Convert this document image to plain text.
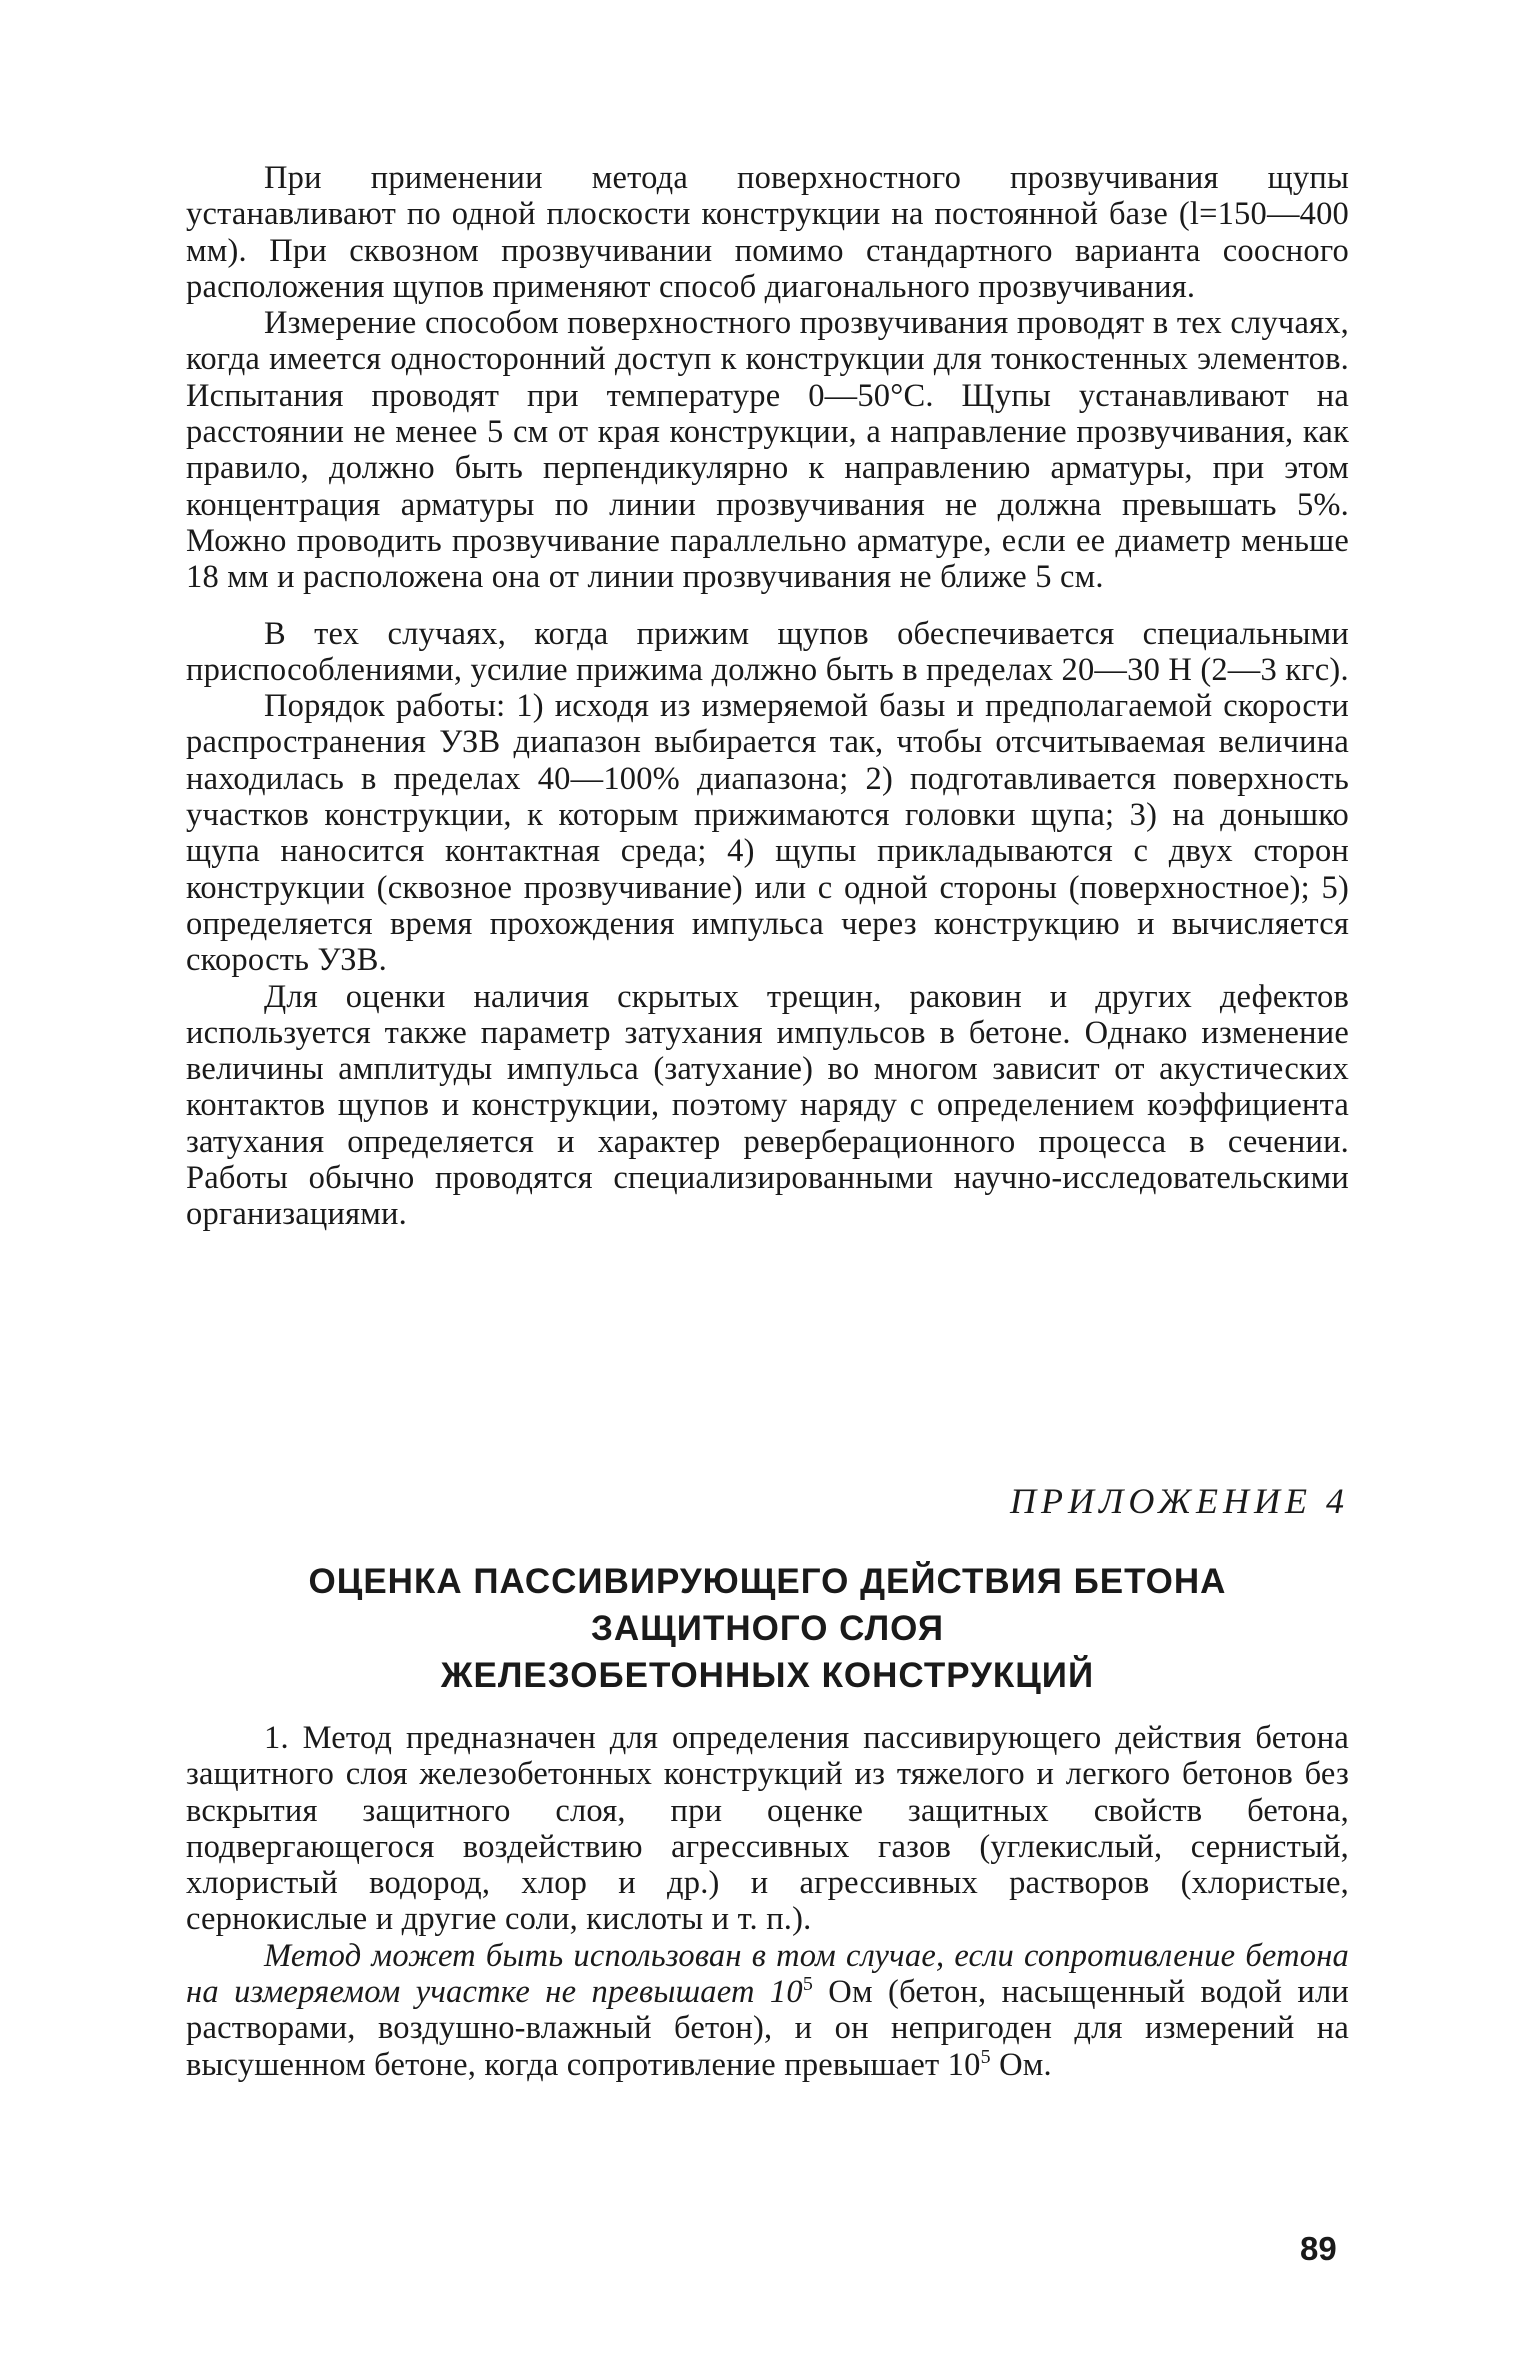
При применении метода поверхностного прозвучивания щупы устанавливают по одной плоскости конструкции на постоянной базе (l=150—400 мм). При сквозном прозвучивании помимо стандартного варианта соосного расположения щупов применяют способ диагонального прозвучивания.

Измерение способом поверхностного прозвучивания проводят в тех случаях, когда имеется односторонний доступ к конструкции для тонкостенных элементов. Испытания проводят при температуре 0—50°С. Щупы устанавливают на расстоянии не менее 5 см от края конструкции, а направление прозвучивания, как правило, должно быть перпендикулярно к направлению арматуры, при этом концентрация арматуры по линии прозвучивания не должна превышать 5%. Можно проводить прозвучивание параллельно арматуре, если ее диаметр меньше 18 мм и расположена она от линии прозвучивания не ближе 5 см.

В тех случаях, когда прижим щупов обеспечивается специальными приспособлениями, усилие прижима должно быть в пределах 20—30 Н (2—3 кгс).

Порядок работы: 1) исходя из измеряемой базы и предполагаемой скорости распространения УЗВ диапазон выбирается так, чтобы отсчитываемая величина находилась в пределах 40—100% диапазона; 2) подготавливается поверхность участков конструкции, к которым прижимаются головки щупа; 3) на донышко щупа наносится контактная среда; 4) щупы прикладываются с двух сторон конструкции (сквозное прозвучивание) или с одной стороны (поверхностное); 5) определяется время прохождения импульса через конструкцию и вычисляется скорость УЗВ.

Для оценки наличия скрытых трещин, раковин и других дефектов используется также параметр затухания импульсов в бетоне. Однако изменение величины амплитуды импульса (затухание) во многом зависит от акустических контактов щупов и конструкции, поэтому наряду с определением коэффициента затухания определяется и характер реверберационного процесса в сечении. Работы обычно проводятся специализированными научно-исследовательскими организациями.

ПРИЛОЖЕНИЕ 4
ОЦЕНКА ПАССИВИРУЮЩЕГО ДЕЙСТВИЯ БЕТОНА
ЗАЩИТНОГО СЛОЯ
ЖЕЛЕЗОБЕТОННЫХ КОНСТРУКЦИЙ

1. Метод предназначен для определения пассивирующего действия бетона защитного слоя железобетонных конструкций из тяжелого и легкого бетонов без вскрытия защитного слоя, при оценке защитных свойств бетона, подвергающегося воздействию агрессивных газов (углекислый, сернистый, хлористый водород, хлор и др.) и агрессивных растворов (хлористые, сернокислые и другие соли, кислоты и т. п.).

Метод может быть использован в том случае, если сопротивление бетона на измеряемом участке не превышает $10^5$ Ом (бетон, насыщенный водой или растворами, воздушно-влажный бетон), и он непригоден для измерений на высушенном бетоне, когда сопротивление превышает $10^5$ Ом.

89
